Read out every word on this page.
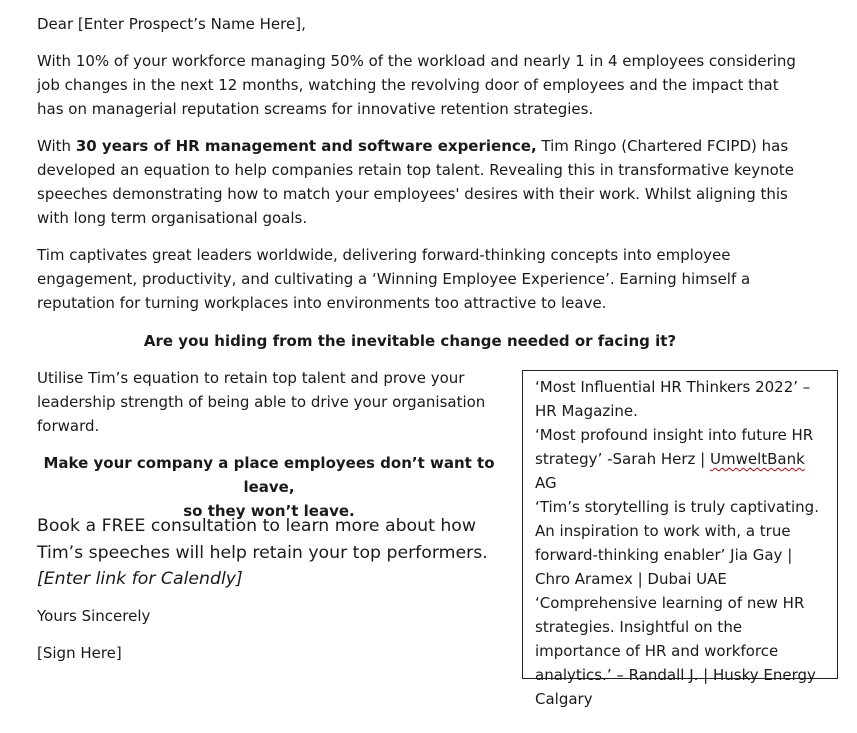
Dear [Enter Prospect’s Name Here],

With 10% of your workforce managing 50% of the workload and nearly 1 in 4 employees considering job changes in the next 12 months, watching the revolving door of employees and the impact that has on managerial reputation screams for innovative retention strategies.

With 30 years of HR management and software experience, Tim Ringo (Chartered FCIPD) has developed an equation to help companies retain top talent. Revealing this in transformative keynote speeches demonstrating how to match your employees' desires with their work. Whilst aligning this with long term organisational goals.

Tim captivates great leaders worldwide, delivering forward-thinking concepts into employee engagement, productivity, and cultivating a ‘Winning Employee Experience’. Earning himself a reputation for turning workplaces into environments too attractive to leave.

Are you hiding from the inevitable change needed or facing it?

Utilise Tim’s equation to retain top talent and prove your leadership strength of being able to drive your organisation forward.

Make your company a place employees don’t want to leave,
so they won’t leave.

Book a FREE consultation to learn more about how Tim’s speeches will help retain your top performers.
[Enter link for Calendly]

Yours Sincerely

[Sign Here]

‘Most Influential HR Thinkers 2022’ – HR Magazine.

‘Most profound insight into future HR strategy’ -Sarah Herz | UmweltBank AG

‘Tim’s storytelling is truly captivating. An inspiration to work with, a true forward-thinking enabler’ Jia Gay | Chro Aramex | Dubai UAE

‘Comprehensive learning of new HR strategies. Insightful on the importance of HR and workforce analytics.’ – Randall J. | Husky Energy Calgary
